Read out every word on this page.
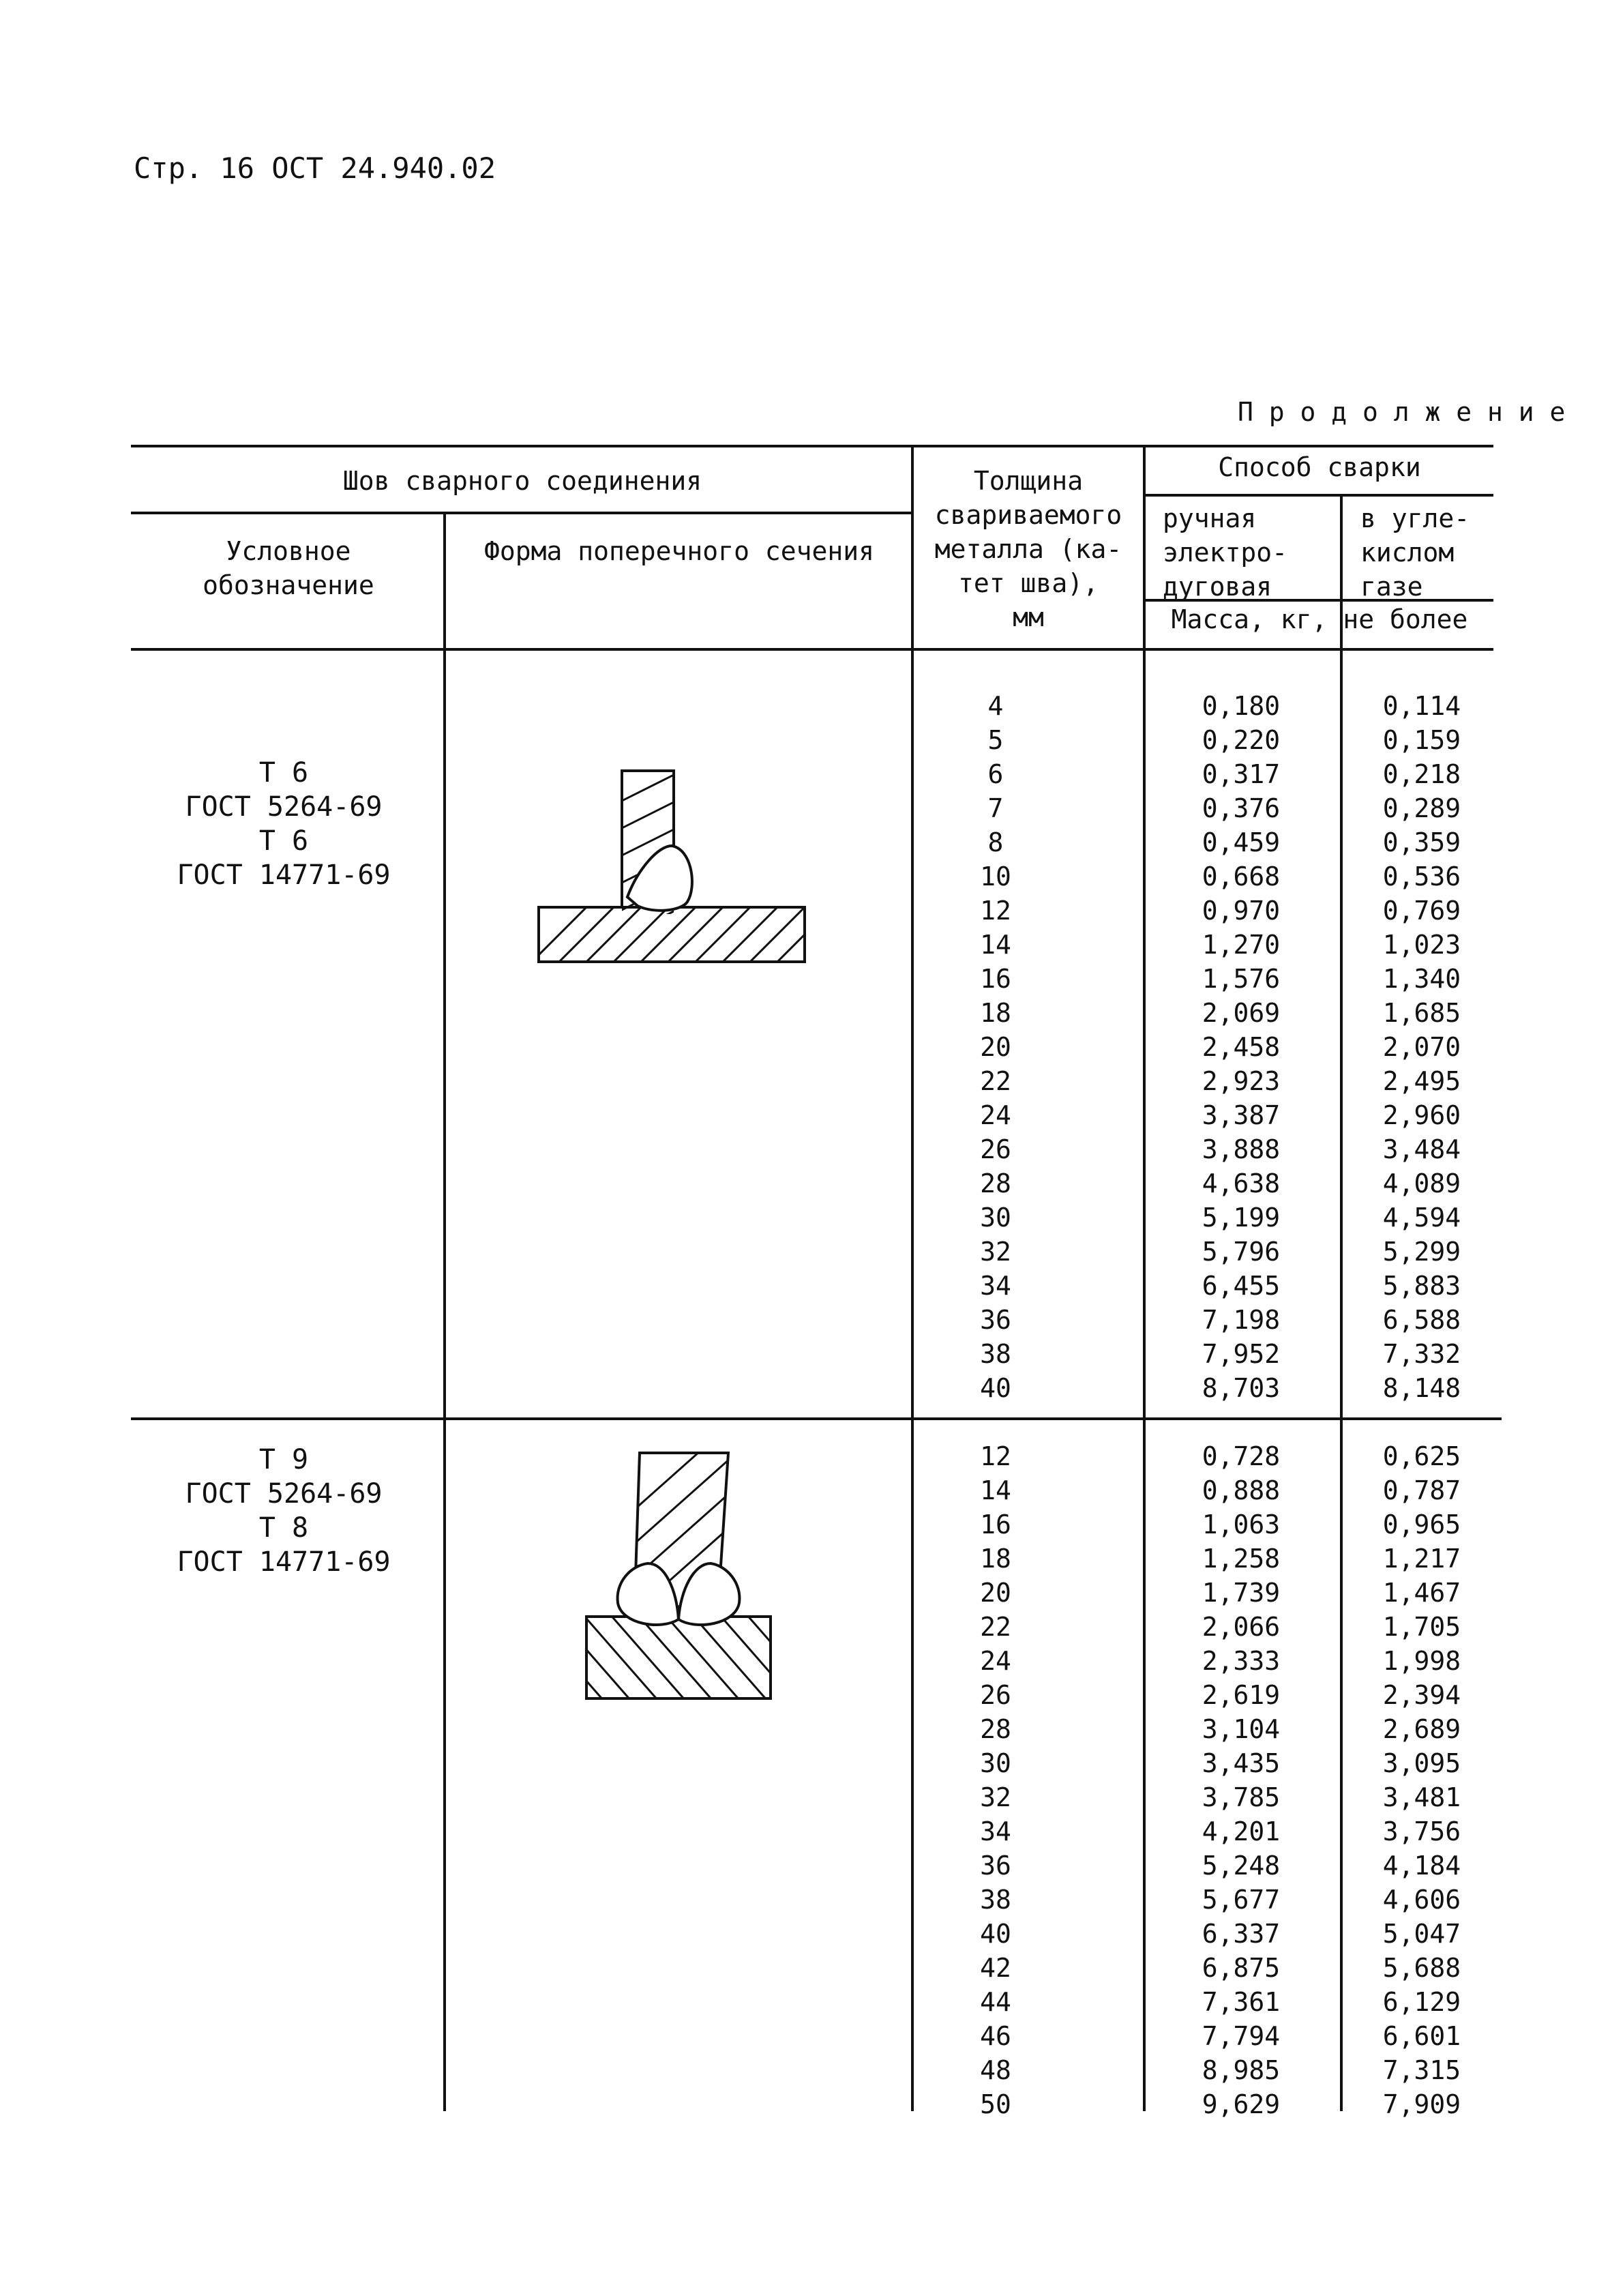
Стр. 16 ОСТ 24.940.02
П р о д о л ж е н и е
Шов сварного соединения
Условное
обозначение
Форма поперечного сечения
Толщина
свариваемого
металла (ка-
тет шва),
мм
Способ сварки
ручная
электро-
дуговая
в угле-
кислом
газе
Масса, кг, не более
Т 6
ГОСТ 5264-69
Т 6
ГОСТ 14771-69
4
5
6
7
8
10
12
14
16
18
20
22
24
26
28
30
32
34
36
38
40
0,180
0,220
0,317
0,376
0,459
0,668
0,970
1,270
1,576
2,069
2,458
2,923
3,387
3,888
4,638
5,199
5,796
6,455
7,198
7,952
8,703
0,114
0,159
0,218
0,289
0,359
0,536
0,769
1,023
1,340
1,685
2,070
2,495
2,960
3,484
4,089
4,594
5,299
5,883
6,588
7,332
8,148
Т 9
ГОСТ 5264-69
Т 8
ГОСТ 14771-69
12
14
16
18
20
22
24
26
28
30
32
34
36
38
40
42
44
46
48
50
0,728
0,888
1,063
1,258
1,739
2,066
2,333
2,619
3,104
3,435
3,785
4,201
5,248
5,677
6,337
6,875
7,361
7,794
8,985
9,629
0,625
0,787
0,965
1,217
1,467
1,705
1,998
2,394
2,689
3,095
3,481
3,756
4,184
4,606
5,047
5,688
6,129
6,601
7,315
7,909
